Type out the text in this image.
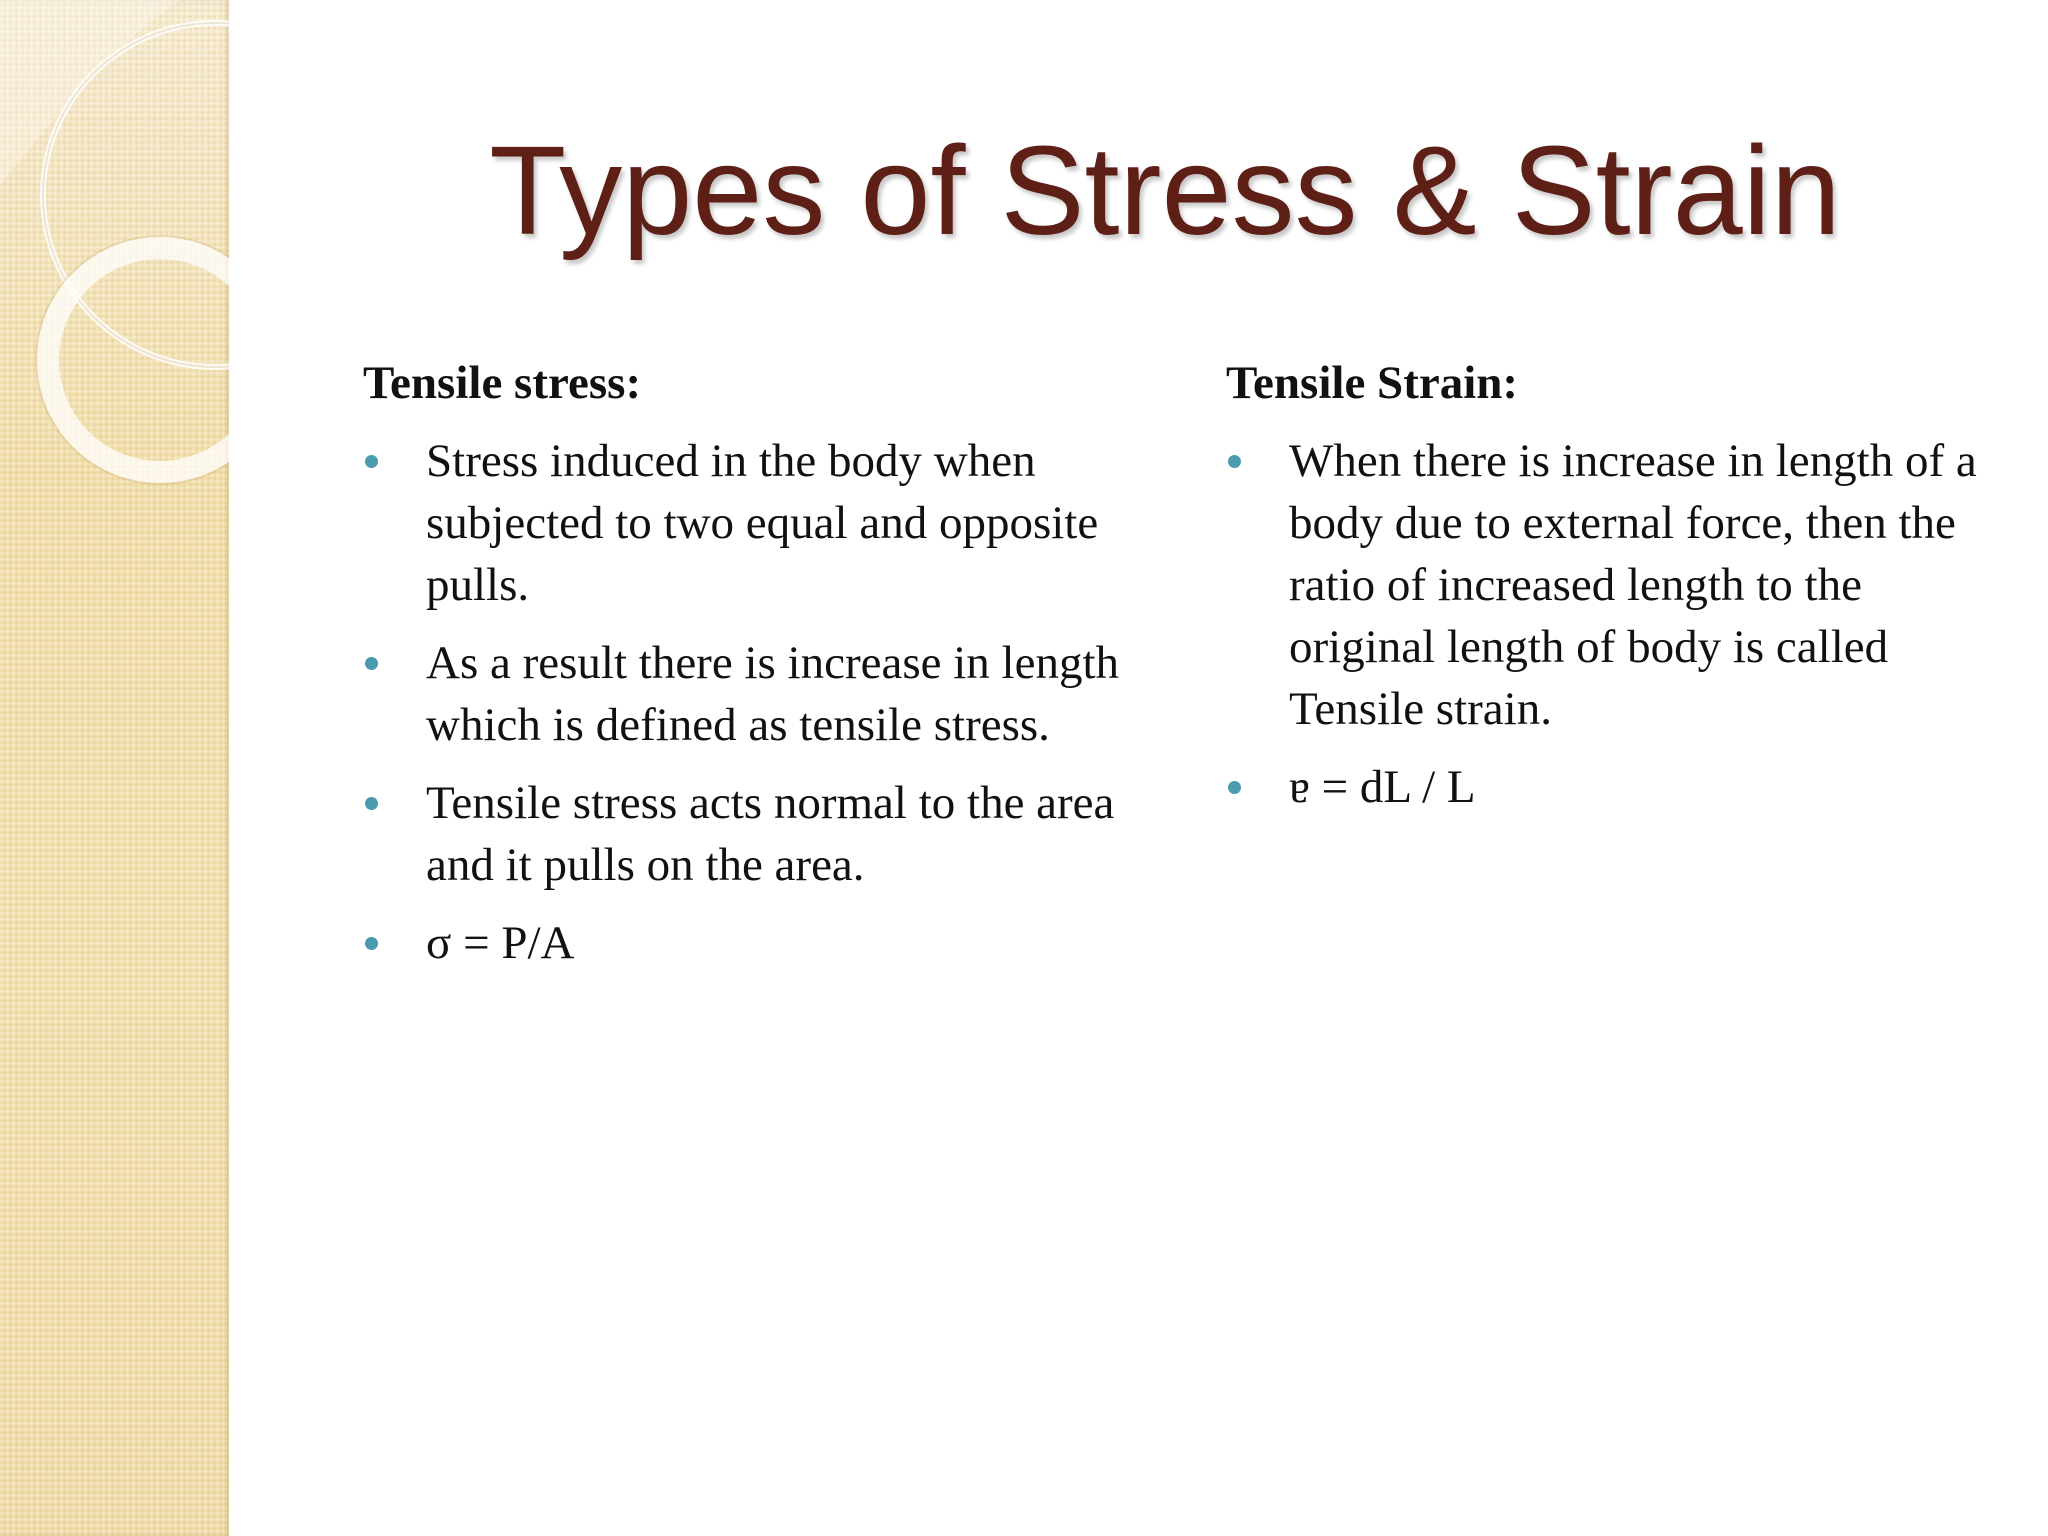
Types of Stress & Strain
Tensile stress:
Stress induced in the body when subjected to two equal and opposite pulls.
As a result there is increase in length which is defined as tensile stress.
Tensile stress acts normal to the area and it pulls on the area.
σ = P/A
Tensile Strain:
When there is increase in length of a body due to external force, then the ratio of increased length to the original length of body is called Tensile strain.
ɐ = dL / L
